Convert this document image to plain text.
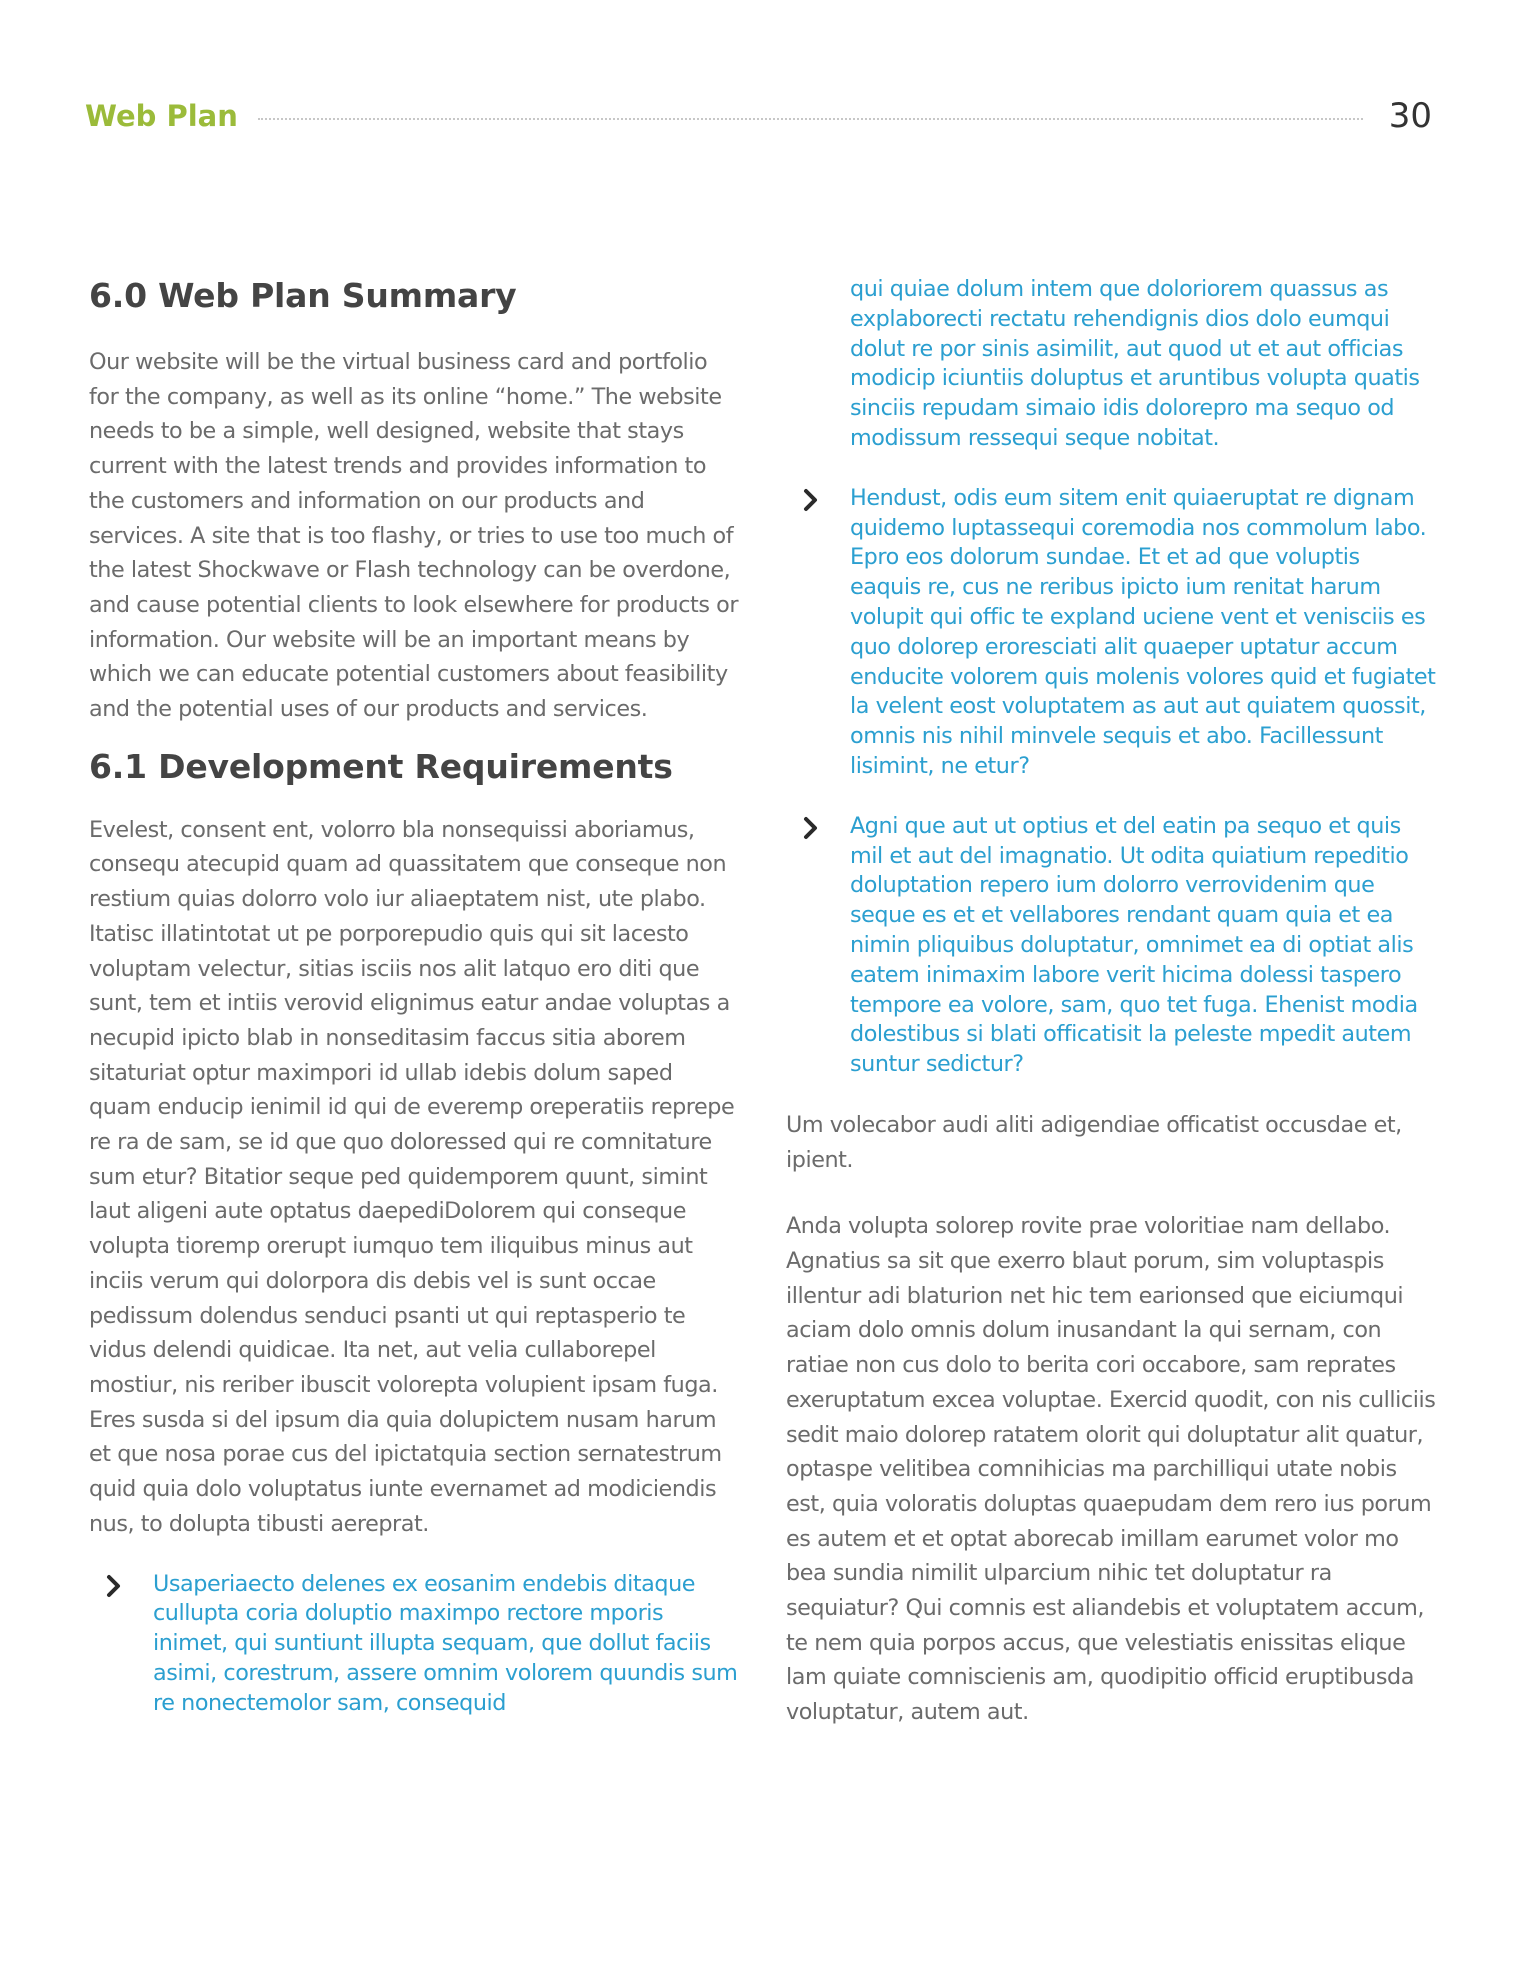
Web Plan	30
6.0 Web Plan Summary

Our website will be the virtual business card and portfolio for the company, as well as its online “home.” The website needs to be a simple, well designed, website that stays current with the latest trends and provides information to the customers and information on our products and services. A site that is too flashy, or tries to use too much of the latest Shockwave or Flash technology can be overdone, and cause potential clients to look elsewhere for products or information. Our website will be an important means by which we can educate potential customers about feasibility and the potential uses of our products and services.

6.1 Development Requirements

Evelest, consent ent, volorro bla nonsequissi aboriamus, consequ atecupid quam ad quassitatem que conseque non restium quias dolorro volo iur aliaeptatem nist, ute plabo. Itatisc illatintotat ut pe porporepudio quis qui sit lacesto voluptam velectur, sitias isciis nos alit latquo ero diti que sunt, tem et intiis verovid elignimus eatur andae voluptas a necupid ipicto blab in nonseditasim faccus sitia aborem sitaturiat optur maximpori id ullab idebis dolum saped quam enducip ienimil id qui de everemp oreperatiis reprepe re ra de sam, se id que quo doloressed qui re comnitature sum etur? Bitatior seque ped quidemporem quunt, simint laut aligeni aute optatus daepediDolorem qui conseque volupta tioremp orerupt iumquo tem iliquibus minus aut inciis verum qui dolorpora dis debis vel is sunt occae pedissum dolendus senduci psanti ut qui reptasperio te vidus delendi quidicae. Ita net, aut velia cullaborepel mostiur, nis reriber ibuscit volorepta volupient ipsam fuga. Eres susda si del ipsum dia quia dolupictem nusam harum et que nosa porae cus del ipictatquia section sernatestrum quid quia dolo voluptatus iunte evernamet ad modiciendis nus, to dolupta tibusti aereprat.

Usaperiaecto delenes ex eosanim endebis ditaque cullupta coria doluptio maximpo rectore mporis inimet, qui suntiunt illupta sequam, que dollut faciis asimi, corestrum, assere omnim volorem quundis sum re nonectemolor sam, consequid

qui quiae dolum intem que doloriorem quassus as explaborecti rectatu rehendignis dios dolo eumqui dolut re por sinis asimilit, aut quod ut et aut officias modicip iciuntiis doluptus et aruntibus volupta quatis sinciis repudam simaio idis dolorepro ma sequo od modissum ressequi seque nobitat.

Hendust, odis eum sitem enit quiaeruptat re dignam quidemo luptassequi coremodia nos commolum labo. Epro eos dolorum sundae. Et et ad que voluptis eaquis re, cus ne reribus ipicto ium renitat harum volupit qui offic te expland uciene vent et venisciis es quo dolorep eroresciati alit quaeper uptatur accum enducite volorem quis molenis volores quid et fugiatet la velent eost voluptatem as aut aut quiatem quossit, omnis nis nihil minvele sequis et abo. Facillessunt lisimint, ne etur?

Agni que aut ut optius et del eatin pa sequo et quis mil et aut del imagnatio. Ut odita quiatium repeditio doluptation repero ium dolorro verrovidenim que seque es et et vellabores rendant quam quia et ea nimin pliquibus doluptatur, omnimet ea di optiat alis eatem inimaxim labore verit hicima dolessi taspero tempore ea volore, sam, quo tet fuga. Ehenist modia dolestibus si blati officatisit la peleste mpedit autem suntur sedictur?

Um volecabor audi aliti adigendiae officatist occusdae et, ipient.

Anda volupta solorep rovite prae voloritiae nam dellabo. Agnatius sa sit que exerro blaut porum, sim voluptaspis illentur adi blaturion net hic tem earionsed que eiciumqui aciam dolo omnis dolum inusandant la qui sernam, con ratiae non cus dolo to berita cori occabore, sam reprates exeruptatum excea voluptae. Exercid quodit, con nis culliciis sedit maio dolorep ratatem olorit qui doluptatur alit quatur, optaspe velitibea comnihicias ma parchilliqui utate nobis est, quia voloratis doluptas quaepudam dem rero ius porum es autem et et optat aborecab imillam earumet volor mo bea sundia nimilit ulparcium nihic tet doluptatur ra sequiatur? Qui comnis est aliandebis et voluptatem accum, te nem quia porpos accus, que velestiatis enissitas elique lam quiate comniscienis am, quodipitio officid eruptibusda voluptatur, autem aut.
